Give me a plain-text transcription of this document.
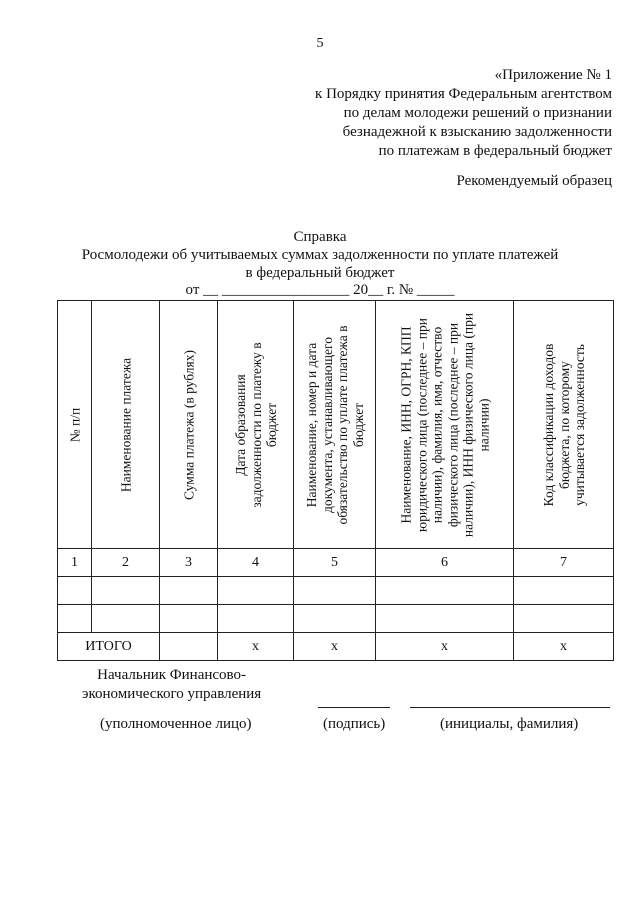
5
«Приложение № 1
к Порядку принятия Федеральным агентством
по делам молодежи решений о признании
безнадежной к взысканию задолженности
по платежам в федеральный бюджет
Рекомендуемый образец
Справка
Росмолодежи об учитываемых суммах задолженности по уплате платежей
в федеральный бюджет
от __ _________________ 20__ г. № _____
№ п/п	Наименование платежа	Сумма платежа (в рублях)	Дата образования задолженности по платежу в бюджет	Наименование, номер и дата документа, устанавливающего обязательство по уплате платежа в бюджет	Наименование, ИНН, ОГРН, КПП юридического лица (последнее – при наличии), фамилия, имя, отчество физического лица (последнее – при наличии), ИНН физического лица (при наличии)	Код классификации доходов бюджета, по которому учитывается задолженность

1	2	3	4	5	6	7

ИТОГО			x	x	x	x
Начальник Финансово-
экономического управления
(уполномоченное лицо)	(подпись)	(инициалы, фамилия)
